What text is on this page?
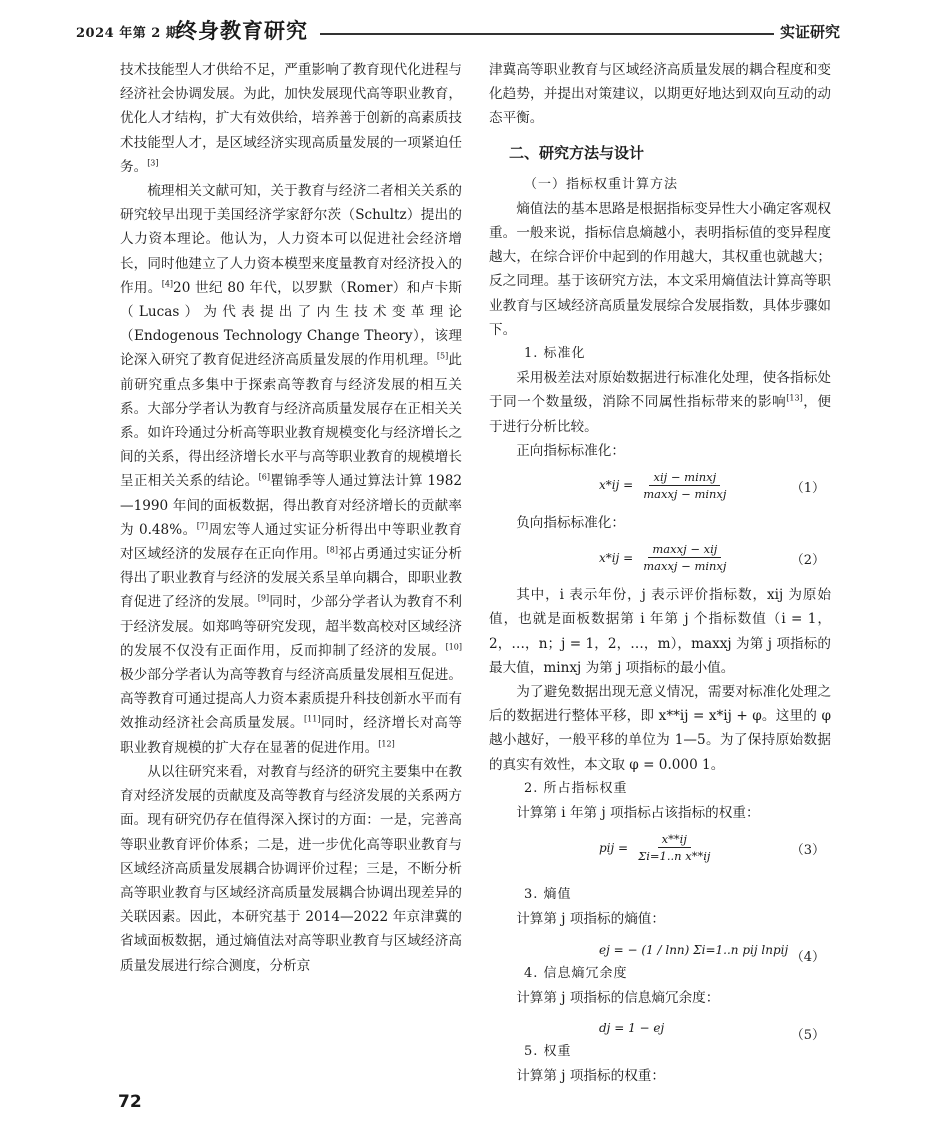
2024 年第 2 期
终身教育研究	实证研究

技术技能型人才供给不足，严重影响了教育现代化进程与经济社会协调发展。为此，加快发展现代高等职业教育，优化人才结构，扩大有效供给，培养善于创新的高素质技术技能型人才，是区域经济实现高质量发展的一项紧迫任务。[3]

梳理相关文献可知，关于教育与经济二者相关关系的研究较早出现于美国经济学家舒尔茨（Schultz）提出的人力资本理论。他认为，人力资本可以促进社会经济增长，同时他建立了人力资本模型来度量教育对经济投入的作用。[4]20 世纪 80 年代，以罗默（Romer）和卢卡斯（Lucas）为代表提出了内生技术变革理论（Endogenous Technology Change Theory），该理论深入研究了教育促进经济高质量发展的作用机理。[5]此前研究重点多集中于探索高等教育与经济发展的相互关系。大部分学者认为教育与经济高质量发展存在正相关关系。如许玲通过分析高等职业教育规模变化与经济增长之间的关系，得出经济增长水平与高等职业教育的规模增长呈正相关关系的结论。[6]瞿锦季等人通过算法计算 1982—1990 年间的面板数据，得出教育对经济增长的贡献率为 0.48%。[7]周宏等人通过实证分析得出中等职业教育对区域经济的发展存在正向作用。[8]祁占勇通过实证分析得出了职业教育与经济的发展关系呈单向耦合，即职业教育促进了经济的发展。[9]同时，少部分学者认为教育不利于经济发展。如郑鸣等研究发现，超半数高校对区域经济的发展不仅没有正面作用，反而抑制了经济的发展。[10]极少部分学者认为高等教育与经济高质量发展相互促进。高等教育可通过提高人力资本素质提升科技创新水平而有效推动经济社会高质量发展。[11]同时，经济增长对高等职业教育规模的扩大存在显著的促进作用。[12]

从以往研究来看，对教育与经济的研究主要集中在教育对经济发展的贡献度及高等教育与经济发展的关系两方面。现有研究仍存在值得深入探讨的方面：一是，完善高等职业教育评价体系；二是，进一步优化高等职业教育与区域经济高质量发展耦合协调评价过程；三是，不断分析高等职业教育与区域经济高质量发展耦合协调出现差异的关联因素。因此，本研究基于 2014—2022 年京津冀的省域面板数据，通过熵值法对高等职业教育与区域经济高质量发展进行综合测度，分析京

津冀高等职业教育与区域经济高质量发展的耦合程度和变化趋势，并提出对策建议，以期更好地达到双向互动的动态平衡。

二、研究方法与设计
（一）指标权重计算方法

熵值法的基本思路是根据指标变异性大小确定客观权重。一般来说，指标信息熵越小，表明指标值的变异程度越大，在综合评价中起到的作用越大，其权重也就越大；反之同理。基于该研究方法，本文采用熵值法计算高等职业教育与区域经济高质量发展综合发展指数，具体步骤如下。

1. 标准化

采用极差法对原始数据进行标准化处理，使各指标处于同一个数量级，消除不同属性指标带来的影响[13]，便于进行分析比较。

正向指标标准化：

$x*ij = \frac{\text{xij − minxj}}{\text{maxxj − minxj}}$	（1）

负向指标标准化：

$x*ij = \frac{\text{maxxj − xij}}{\text{maxxj − minxj}}$	（2）

其中，i 表示年份，j 表示评价指标数，xij 为原始值，也就是面板数据第 i 年第 j 个指标数值（i = 1，2，…，n；j = 1，2，…，m），maxxj 为第 j 项指标的最大值，minxj 为第 j 项指标的最小值。

为了避免数据出现无意义情况，需要对标准化处理之后的数据进行整体平移，即 x**ij = x*ij + φ。这里的 φ 越小越好，一般平移的单位为 1—5。为了保持原始数据的真实有效性，本文取 φ = 0.000 1。

2. 所占指标权重

计算第 i 年第 j 项指标占该指标的权重：

pij = $\frac{x**ij}{\text{Σi=1..n x**ij}}$	（3）
3. 熵值

计算第 j 项指标的熵值：

ej = − (1 / lnn) Σi=1..n pij lnpij （4）
4. 信息熵冗余度

计算第 j 项指标的信息熵冗余度：

dj = 1 − ej	（5）
5. 权重

计算第 j 项指标的权重：

72
